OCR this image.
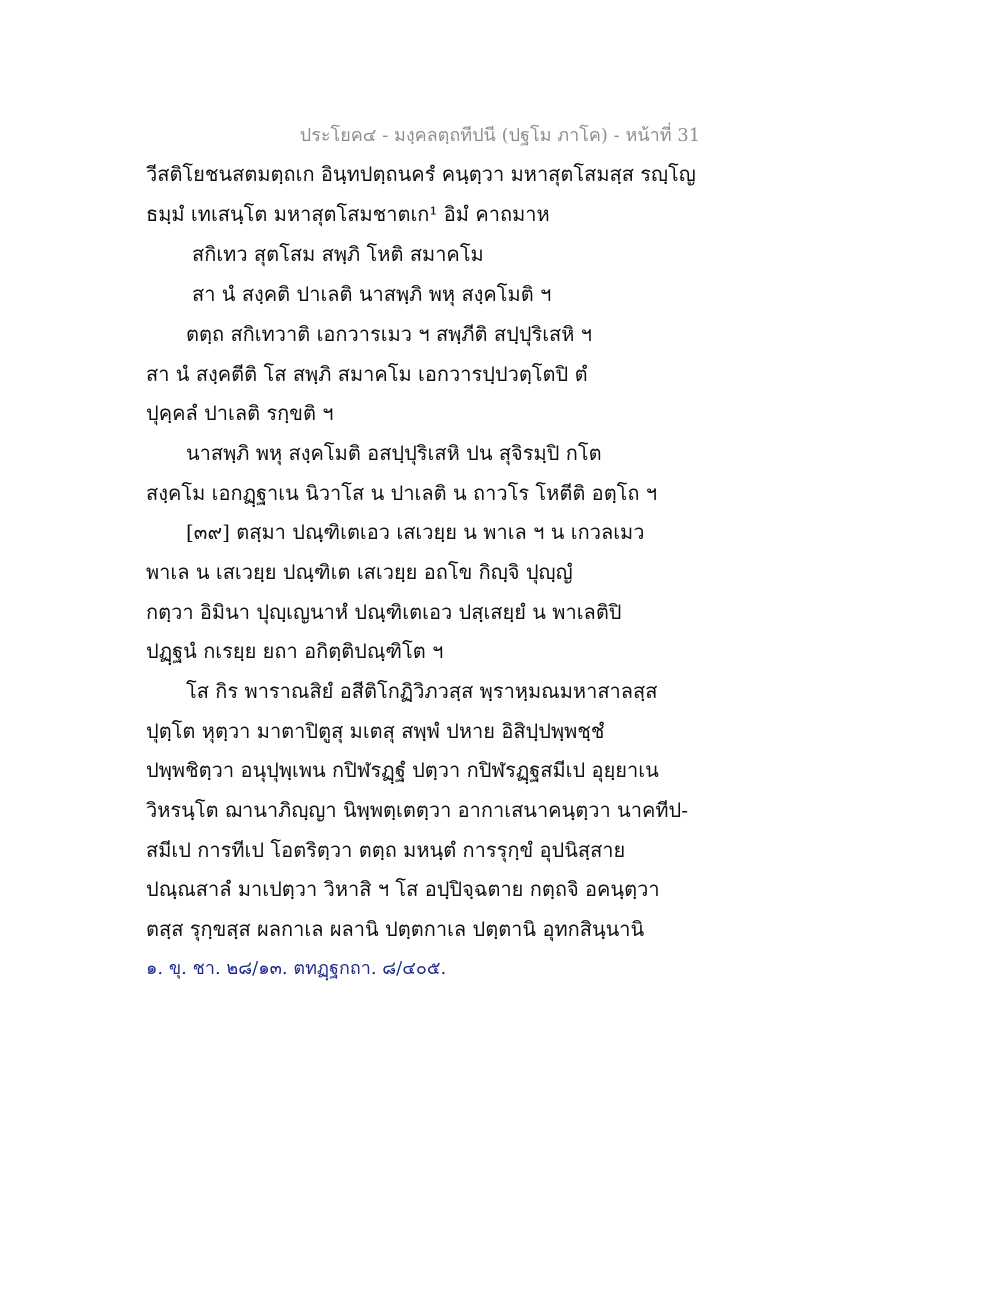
ประโยค๔ - มงฺคลตฺถทีปนี (ปฐโม ภาโค) - หน้าที่ 31
วีสติโยชนสตมตฺถเก อินฺทปตฺถนครํ คนฺตฺวา มหาสุตโสมสฺส รญฺโญ
ธมฺมํ เทเสนฺโต มหาสุตโสมชาตเก¹ อิมํ คาถมาห
สกิเทว สุตโสม สพฺภิ โหติ สมาคโม
สา นํ สงฺคติ ปาเลติ นาสพฺภิ พหุ สงฺคโมติ ฯ
ตตฺถ สกิเทวาติ เอกวารเมว ฯ สพฺภีติ สปฺปุริเสหิ ฯ
สา นํ สงฺคตีติ โส สพฺภิ สมาคโม เอกวารปฺปวตฺโตปิ ตํ
ปุคฺคลํ ปาเลติ รกฺขติ ฯ
นาสพฺภิ พหุ สงฺคโมติ อสปฺปุริเสหิ ปน สุจิรมฺปิ กโต
สงฺคโม เอกฏฺฐาเน นิวาโส น ปาเลติ น ถาวโร โหตีติ อตฺโถ ฯ
[๓๙] ตสฺมา ปณฺฑิเตเอว เสเวยฺย น พาเล ฯ น เกวลเมว
พาเล น เสเวยฺย ปณฺฑิเต เสเวยฺย อถโข กิญฺจิ ปุญฺญํ
กตฺวา อิมินา ปุญฺเญนาหํ ปณฺฑิเตเอว ปสฺเสยฺยํ น พาเลติปิ
ปฏฺฐนํ กเรยฺย ยถา อกิตฺติปณฺฑิโต ฯ
โส กิร พาราณสิยํ อสีติโกฏิวิภวสฺส พฺราหฺมณมหาสาลสฺส
ปุตฺโต หุตฺวา มาตาปิตูสุ มเตสุ สพฺพํ ปหาย อิสิปฺปพฺพชฺชํ
ปพฺพชิตฺวา อนุปุพฺเพน กปิฬรฏฺฐํ ปตฺวา กปิฬรฏฺฐสมีเป อุยฺยาเน
วิหรนฺโต ฌานาภิญฺญา นิพฺพตฺเตตฺวา อากาเสนาคนฺตฺวา นาคทีป-
สมีเป การทีเป โอตริตฺวา ตตฺถ มหนฺตํ การรุกฺขํ อุปนิสฺสาย
ปณฺณสาลํ มาเปตฺวา วิหาสิ ฯ โส อปฺปิจฺฉตาย กตฺถจิ อคนฺตฺวา
ตสฺส รุกฺขสฺส ผลกาเล ผลานิ ปตฺตกาเล ปตฺตานิ อุทกสินฺนานิ
๑. ขุ. ชา. ๒๘/๑๓. ตทฏฺฐกถา. ๘/๔๐๕.
